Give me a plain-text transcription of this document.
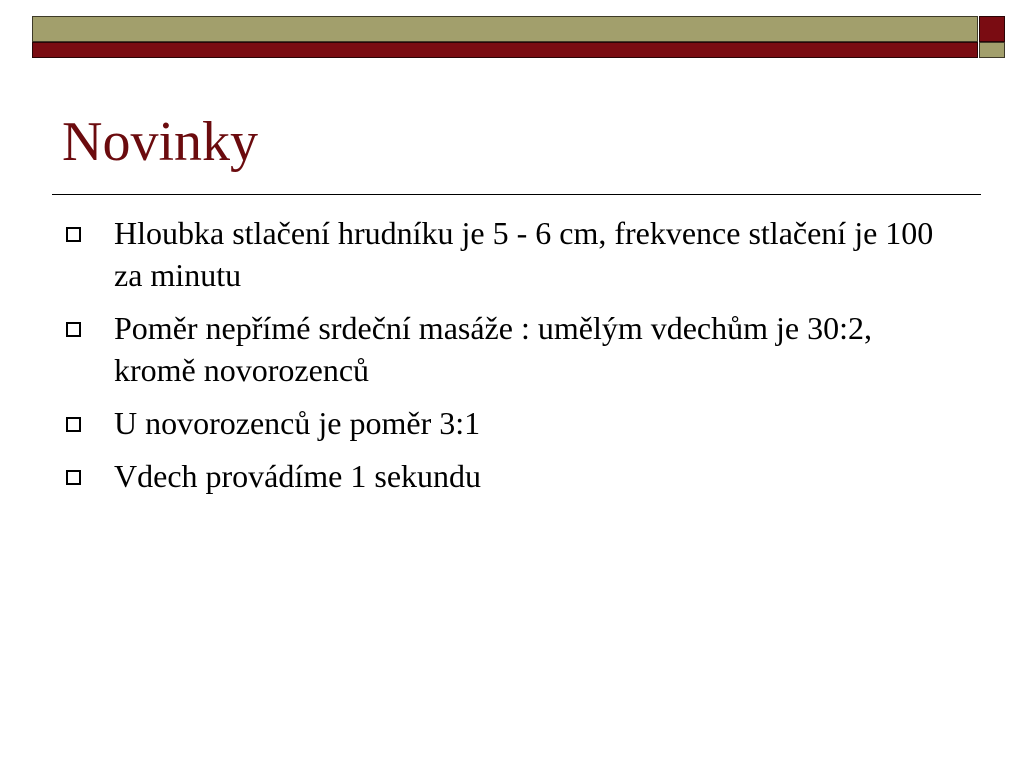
Novinky
Hloubka stlačení hrudníku je 5 - 6 cm, frekvence stlačení je 100 za minutu
Poměr nepřímé srdeční masáže : umělým vdechům je 30:2, kromě novorozenců
U novorozenců je poměr 3:1
Vdech provádíme 1 sekundu
